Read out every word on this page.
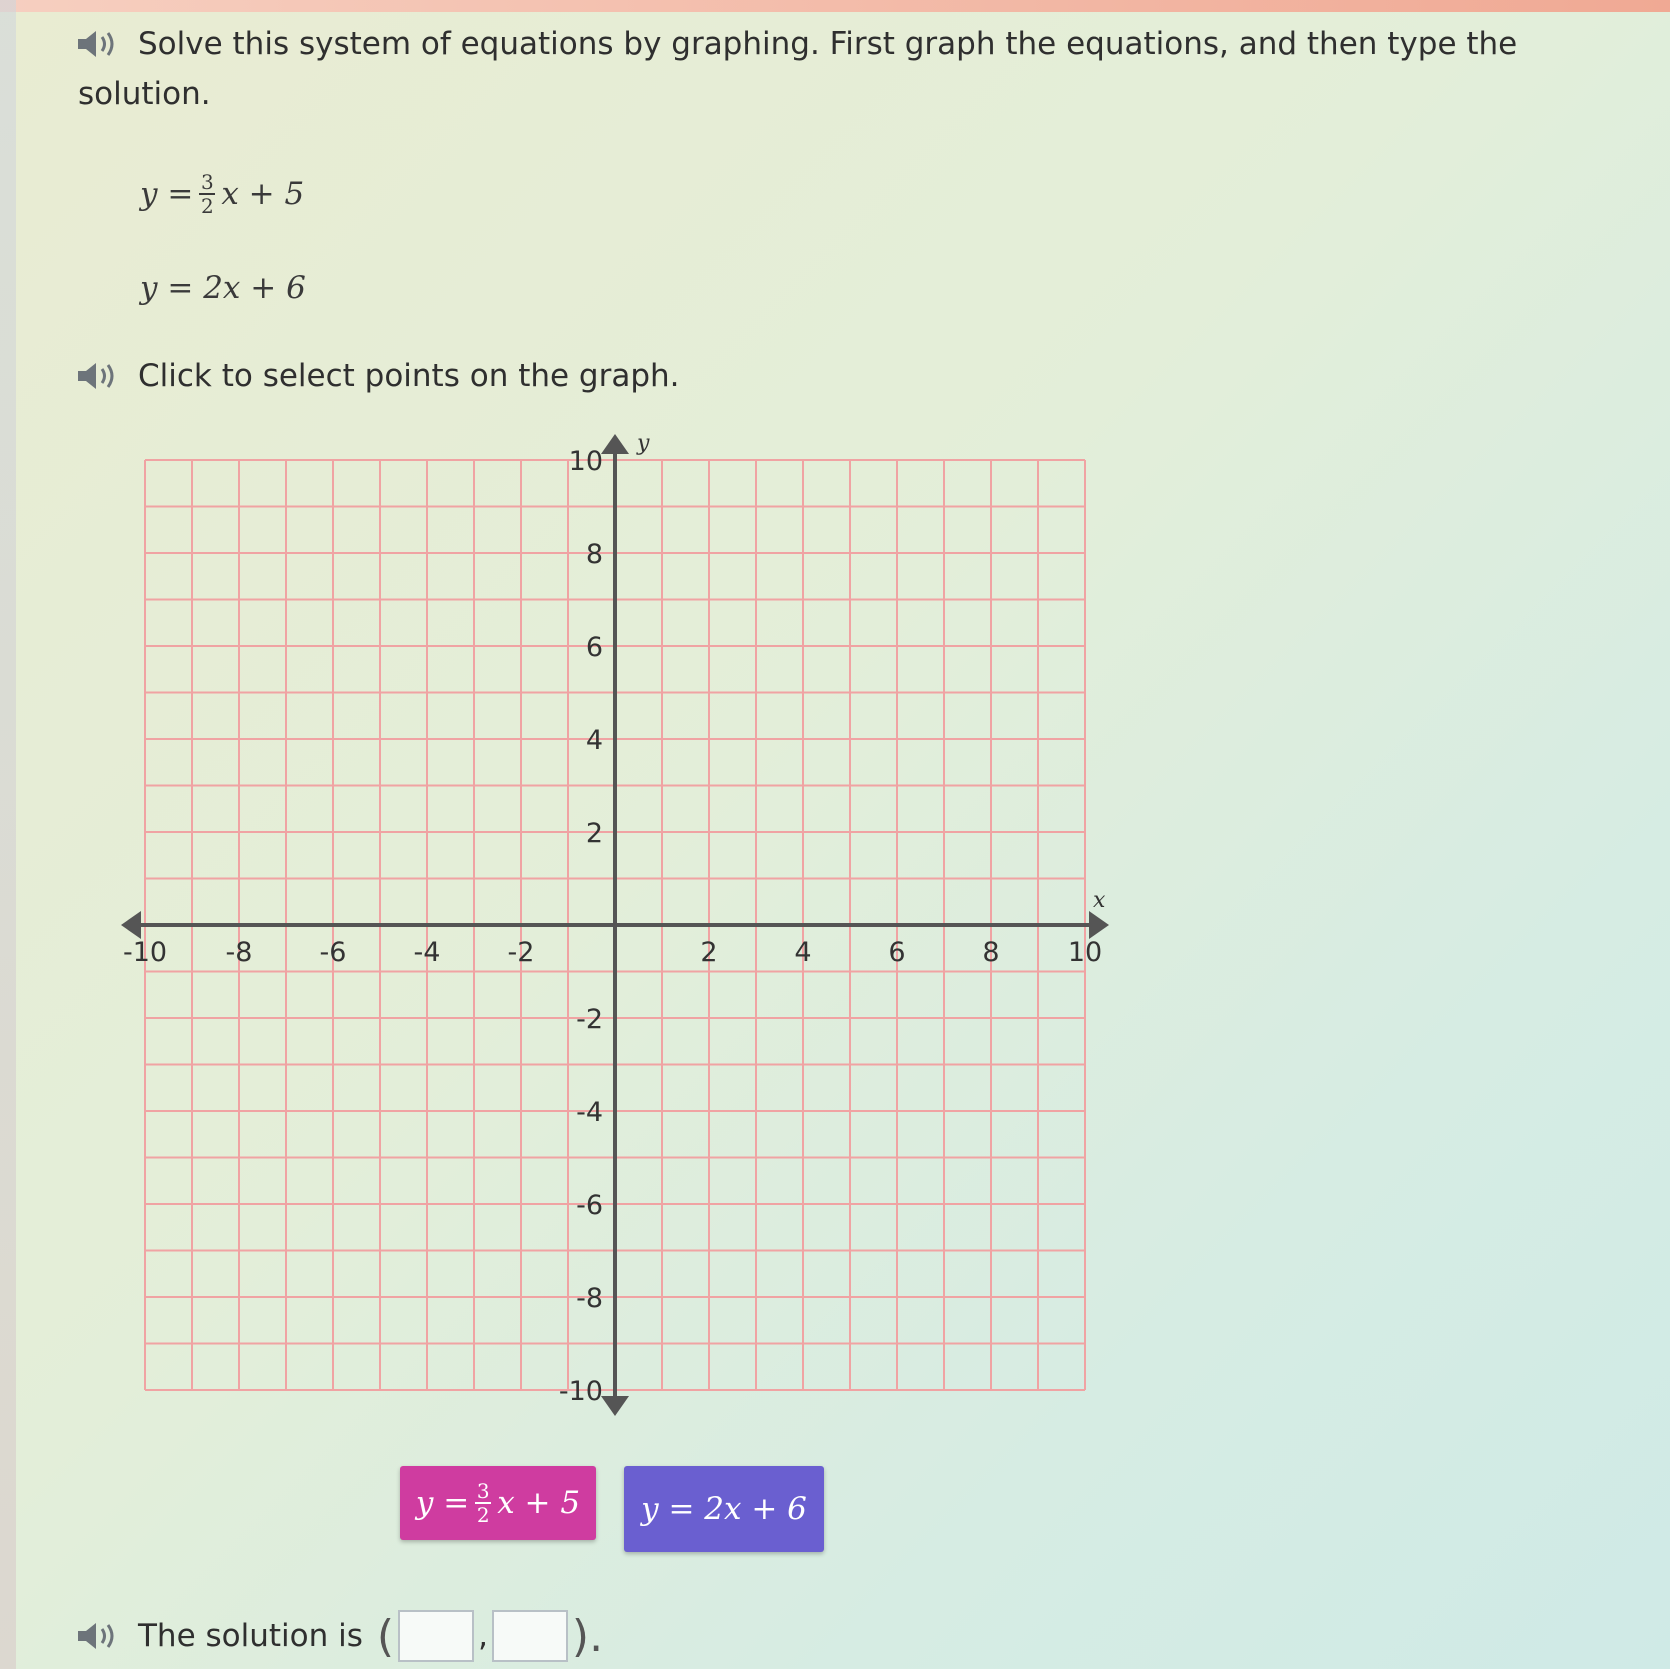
Solve this system of equations by graphing. First graph the equations, and then type the
solution.
$y = \frac{3}{2}$ x + 5
y = 2x + 6
Click to select points on the graph.
x
y
-10 -8 -6 -4 -2	2	4	6	8	10
-10
-8
-6
-4
-2
2
4
6
8
10
$y = \frac{3}{2}$ x + 5 y = 2x + 6
The solution is (	, ).
